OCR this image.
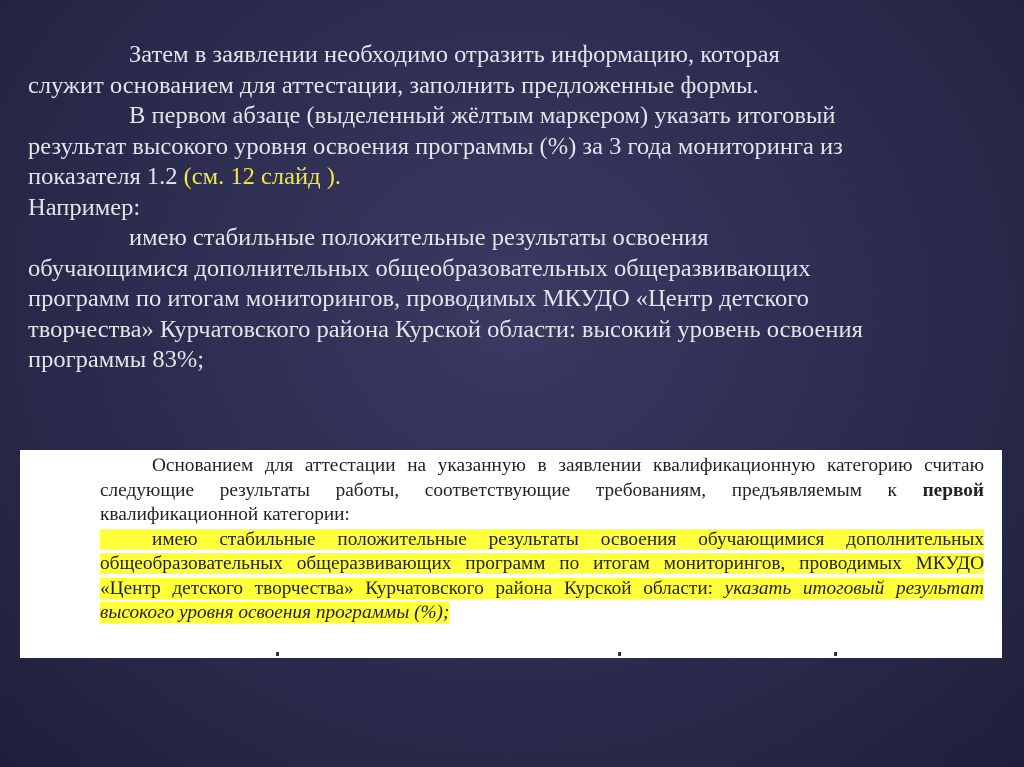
Затем в заявлении необходимо отразить информацию, которая

служит основанием для аттестации, заполнить предложенные формы.

В первом абзаце (выделенный жёлтым маркером) указать итоговый

результат высокого уровня освоения программы (%) за 3 года мониторинга из

показателя 1.2 (см. 12 слайд ).

Например:

имею стабильные положительные результаты освоения

обучающимися дополнительных общеобразовательных общеразвивающих

программ по итогам мониторингов, проводимых МКУДО «Центр детского

творчества» Курчатовского района Курской области: высокий уровень освоения

программы 83%;

Основанием для аттестации на указанную в заявлении квалификационную категорию считаю следующие результаты работы, соответствующие требованиям, предъявляемым к первой квалификационной категории:

имею стабильные положительные результаты освоения обучающимися дополнительных общеобразовательных общеразвивающих программ по итогам мониторингов, проводимых МКУДО «Центр детского творчества» Курчатовского района Курской области: указать итоговый результат высокого уровня освоения программы (%);
